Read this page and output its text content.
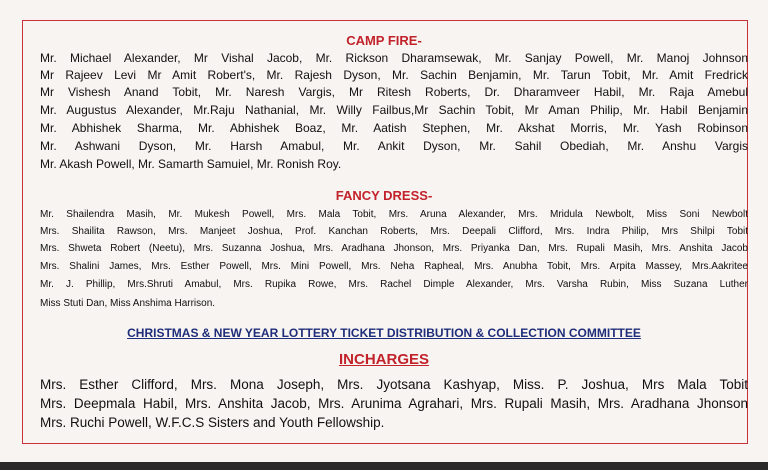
CAMP FIRE-
Mr. Michael Alexander, Mr Vishal Jacob, Mr. Rickson Dharamsewak, Mr. Sanjay Powell, Mr. Manoj Johnson
Mr Rajeev Levi Mr Amit Robert's, Mr. Rajesh Dyson, Mr. Sachin Benjamin, Mr. Tarun Tobit, Mr. Amit Fredrick
Mr Vishesh Anand Tobit, Mr. Naresh Vargis, Mr Ritesh Roberts, Dr. Dharamveer Habil, Mr. Raja Amebul
Mr. Augustus Alexander, Mr.Raju Nathanial, Mr. Willy Failbus,Mr Sachin Tobit, Mr Aman Philip, Mr. Habil Benjamin
Mr. Abhishek Sharma, Mr. Abhishek Boaz, Mr. Aatish Stephen, Mr. Akshat Morris, Mr. Yash Robinson
Mr. Ashwani Dyson, Mr. Harsh Amabul, Mr. Ankit Dyson, Mr. Sahil Obediah, Mr. Anshu Vargis
Mr. Akash Powell, Mr. Samarth Samuiel, Mr. Ronish Roy.
FANCY DRESS-
Mr. Shailendra Masih, Mr. Mukesh Powell, Mrs. Mala Tobit, Mrs. Aruna Alexander, Mrs. Mridula Newbolt, Miss Soni Newbolt
Mrs. Shailita Rawson, Mrs. Manjeet Joshua, Prof. Kanchan Roberts, Mrs. Deepali Clifford, Mrs. Indra Philip, Mrs Shilpi Tobit
Mrs. Shweta Robert (Neetu), Mrs. Suzanna Joshua, Mrs. Aradhana Jhonson, Mrs. Priyanka Dan, Mrs. Rupali Masih, Mrs. Anshita Jacob
Mrs. Shalini James, Mrs. Esther Powell, Mrs. Mini Powell, Mrs. Neha Rapheal, Mrs. Anubha Tobit, Mrs. Arpita Massey, Mrs.Aakritee
Mr. J. Phillip, Mrs.Shruti Amabul, Mrs. Rupika Rowe, Mrs. Rachel Dimple Alexander, Mrs. Varsha Rubin, Miss Suzana Luther
Miss Stuti Dan, Miss Anshima Harrison.
CHRISTMAS & NEW YEAR LOTTERY TICKET DISTRIBUTION & COLLECTION COMMITTEE
INCHARGES
Mrs. Esther Clifford, Mrs. Mona Joseph, Mrs. Jyotsana Kashyap, Miss. P. Joshua, Mrs Mala Tobit
Mrs. Deepmala Habil, Mrs. Anshita Jacob, Mrs. Arunima Agrahari, Mrs. Rupali Masih, Mrs. Aradhana Jhonson
Mrs. Ruchi Powell, W.F.C.S Sisters and Youth Fellowship.
